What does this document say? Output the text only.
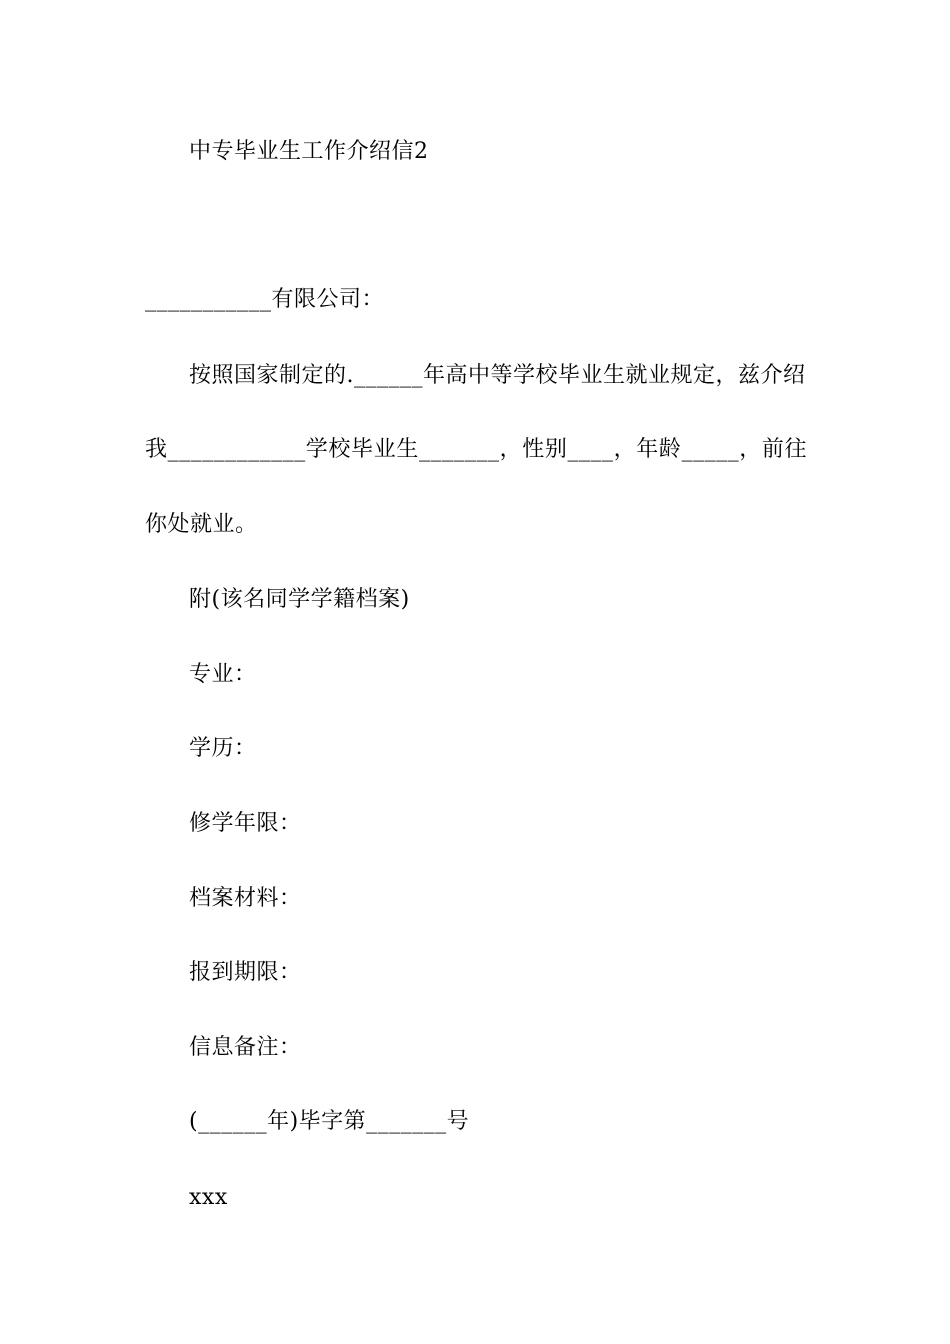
中专毕业生工作介绍信2
___________有限公司：
按照国家制定的.______年高中等学校毕业生就业规定，兹介绍
我____________学校毕业生_______，性别____，年龄_____，前往
你处就业。
附(该名同学学籍档案)
专业：
学历：
修学年限：
档案材料：
报到期限：
信息备注：
(______年)毕字第_______号
xxx
